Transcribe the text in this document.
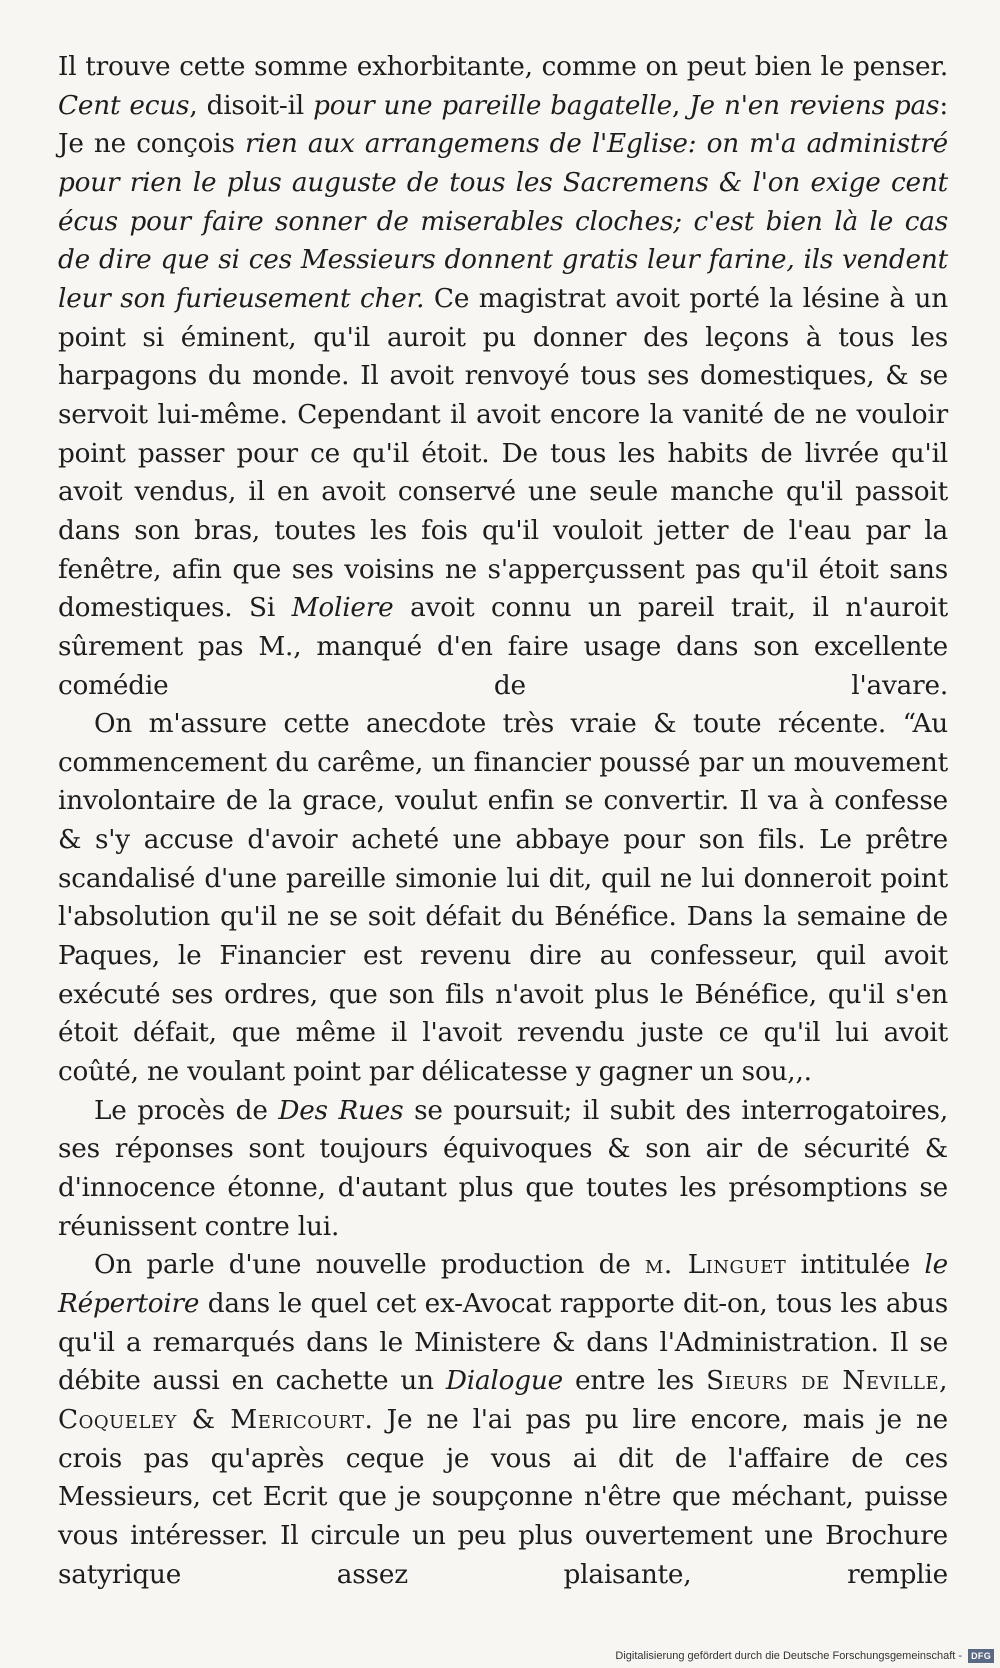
Il trouve cette somme exhorbitante, comme on peut bien le penser. Cent ecus, disoit-il pour une pareille bagatelle, Je n'en reviens pas: Je ne conçois rien aux arrangemens de l'Eglise: on m'a administré pour rien le plus auguste de tous les Sacremens & l'on exige cent écus pour faire sonner de miserables cloches; c'est bien là le cas de dire que si ces Messieurs donnent gratis leur farine, ils vendent leur son furieusement cher. Ce magistrat avoit porté la lésine à un point si éminent, qu'il auroit pu donner des leçons à tous les harpagons du monde. Il avoit renvoyé tous ses domestiques, & se servoit lui-même. Cependant il avoit encore la vanité de ne vouloir point passer pour ce qu'il étoit. De tous les habits de livrée qu'il avoit vendus, il en avoit conservé une seule manche qu'il passoit dans son bras, toutes les fois qu'il vouloit jetter de l'eau par la fenêtre, afin que ses voisins ne s'apperçussent pas qu'il étoit sans domestiques. Si Moliere avoit connu un pareil trait, il n'auroit sûrement pas M., manqué d'en faire usage dans son excellente comédie de l'avare.

On m'assure cette anecdote très vraie & toute récente. “Au commencement du carême, un financier poussé par un mouvement involontaire de la grace, voulut enfin se convertir. Il va à confesse & s'y accuse d'avoir acheté une abbaye pour son fils. Le prêtre scandalisé d'une pareille simonie lui dit, quil ne lui donneroit point l'absolution qu'il ne se soit défait du Bénéfice. Dans la semaine de Paques, le Financier est revenu dire au confesseur, quil avoit exécuté ses ordres, que son fils n'avoit plus le Bénéfice, qu'il s'en étoit défait, que même il l'avoit revendu juste ce qu'il lui avoit coûté, ne voulant point par délicatesse y gagner un sou,,.

Le procès de Des Rues se poursuit; il subit des interrogatoires, ses réponses sont toujours équivoques & son air de sécurité & d'innocence étonne, d'autant plus que toutes les présomptions se réunissent contre lui.

On parle d'une nouvelle production de m. Linguet intitulée le Répertoire dans le quel cet ex-Avocat rapporte dit-on, tous les abus qu'il a remarqués dans le Ministere & dans l'Administration. Il se débite aussi en cachette un Dialogue entre les Sieurs de Neville, Coqueley & Mericourt. Je ne l'ai pas pu lire encore, mais je ne crois pas qu'après ceque je vous ai dit de l'affaire de ces Messieurs, cet Ecrit que je soupçonne n'être que méchant, puisse vous intéresser. Il circule un peu plus ouvertement une Brochure satyrique assez plaisante, remplie

Digitalisierung gefördert durch die Deutsche Forschungsgemeinschaft -	DFG
